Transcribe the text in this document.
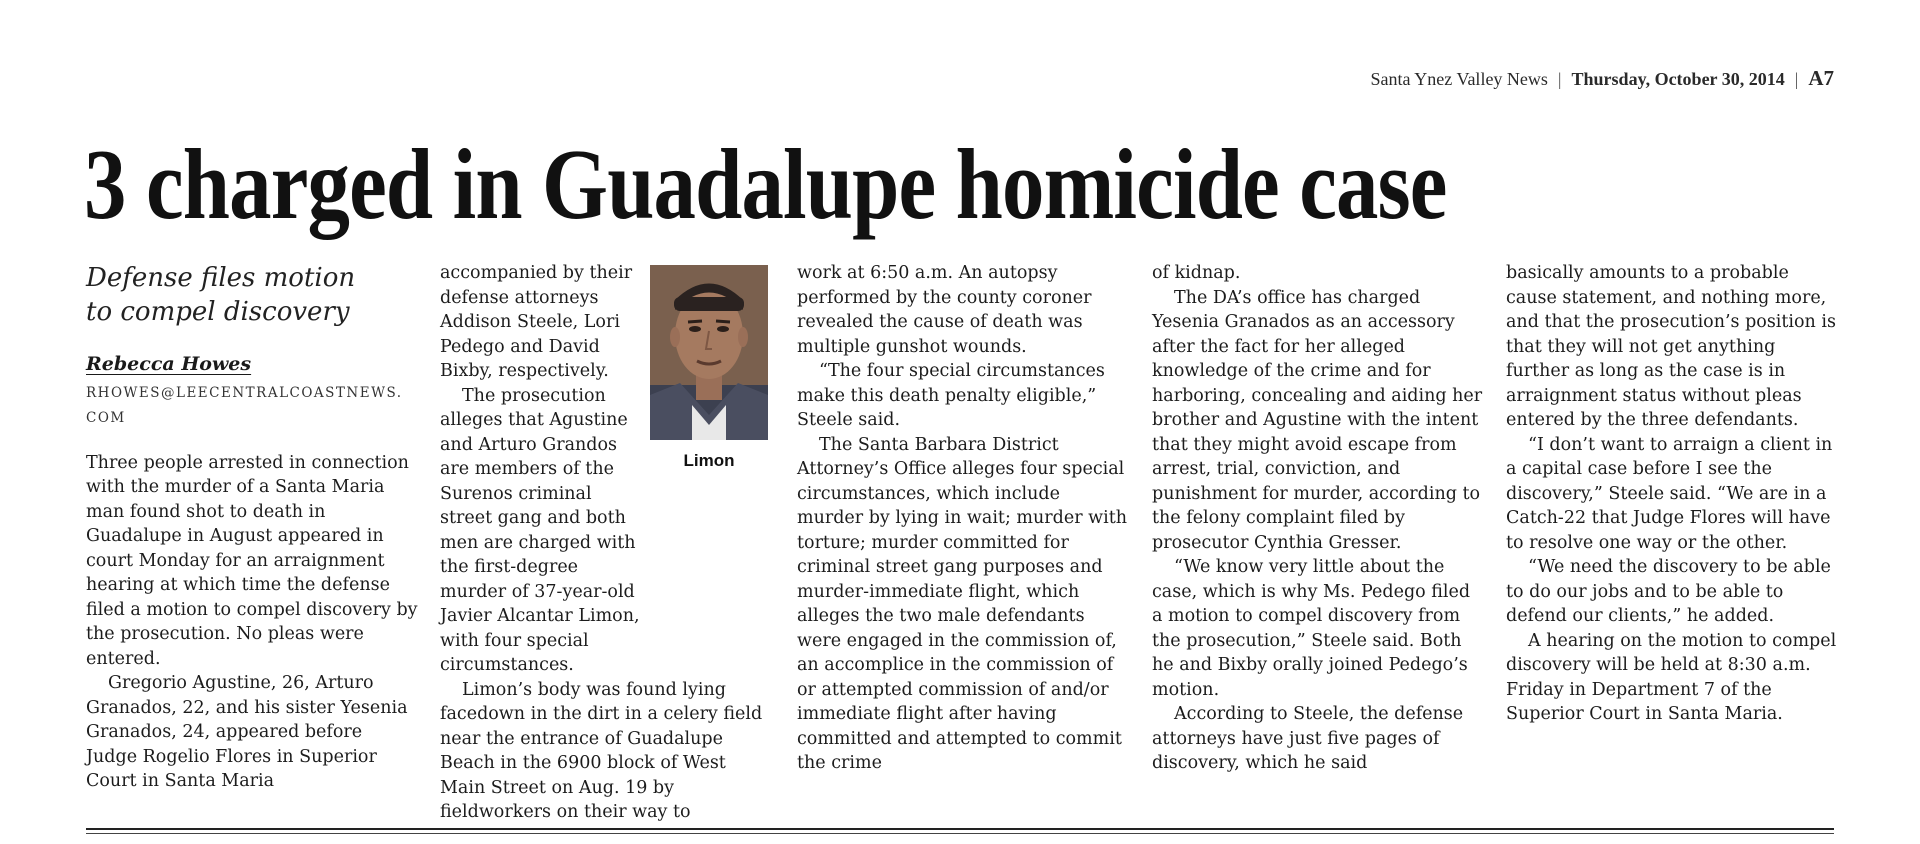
Santa Ynez Valley News | Thursday, October 30, 2014 | A7
3 charged in Guadalupe homicide case
Defense files motion
to compel discovery
Rebecca Howes
RHOWES@LEECENTRALCOASTNEWS.COM

Three people arrested in connection with the murder of a Santa Maria man found shot to death in Guadalupe in August appeared in court Monday for an arraignment hearing at which time the defense filed a motion to compel discovery by the prosecution. No pleas were entered.

Gregorio Agustine, 26, Arturo Granados, 22, and his sister Yesenia Granados, 24, appeared before Judge Rogelio Flores in Superior Court in Santa Maria

accompanied by their defense attorneys Addison Steele, Lori Pedego and David Bixby, respectively.

The prosecution alleges that Agustine and Arturo Grandos are members of the Surenos criminal street gang and both men are charged with the first-degree murder of 37-year-old Javier Alcantar Limon, with four special circumstances.

Limon’s body was found lying facedown in the dirt in a celery field near the entrance of Guadalupe Beach in the 6900 block of West Main Street on Aug. 19 by fieldworkers on their way to

Limon

work at 6:50 a.m. An autopsy performed by the county coroner revealed the cause of death was multiple gunshot wounds.

“The four special circumstances make this death penalty eligible,” Steele said.

The Santa Barbara District Attorney’s Office alleges four special circumstances, which include murder by lying in wait; murder with torture; murder committed for criminal street gang purposes and murder-immediate flight, which alleges the two male defendants were engaged in the commission of, an accomplice in the commission of or attempted commission of and/or immediate flight after having committed and attempted to commit the crime

of kidnap.

The DA’s office has charged Yesenia Granados as an accessory after the fact for her alleged knowledge of the crime and for harboring, concealing and aiding her brother and Agustine with the intent that they might avoid escape from arrest, trial, conviction, and punishment for murder, according to the felony complaint filed by prosecutor Cynthia Gresser.

“We know very little about the case, which is why Ms. Pedego filed a motion to compel discovery from the prosecution,” Steele said. Both he and Bixby orally joined Pedego’s motion.

According to Steele, the defense attorneys have just five pages of discovery, which he said

basically amounts to a probable cause statement, and nothing more, and that the prosecution’s position is that they will not get anything further as long as the case is in arraignment status without pleas entered by the three defendants.

“I don’t want to arraign a client in a capital case before I see the discovery,” Steele said. “We are in a Catch-22 that Judge Flores will have to resolve one way or the other.

“We need the discovery to be able to do our jobs and to be able to defend our clients,” he added.

A hearing on the motion to compel discovery will be held at 8:30 a.m. Friday in Department 7 of the Superior Court in Santa Maria.
